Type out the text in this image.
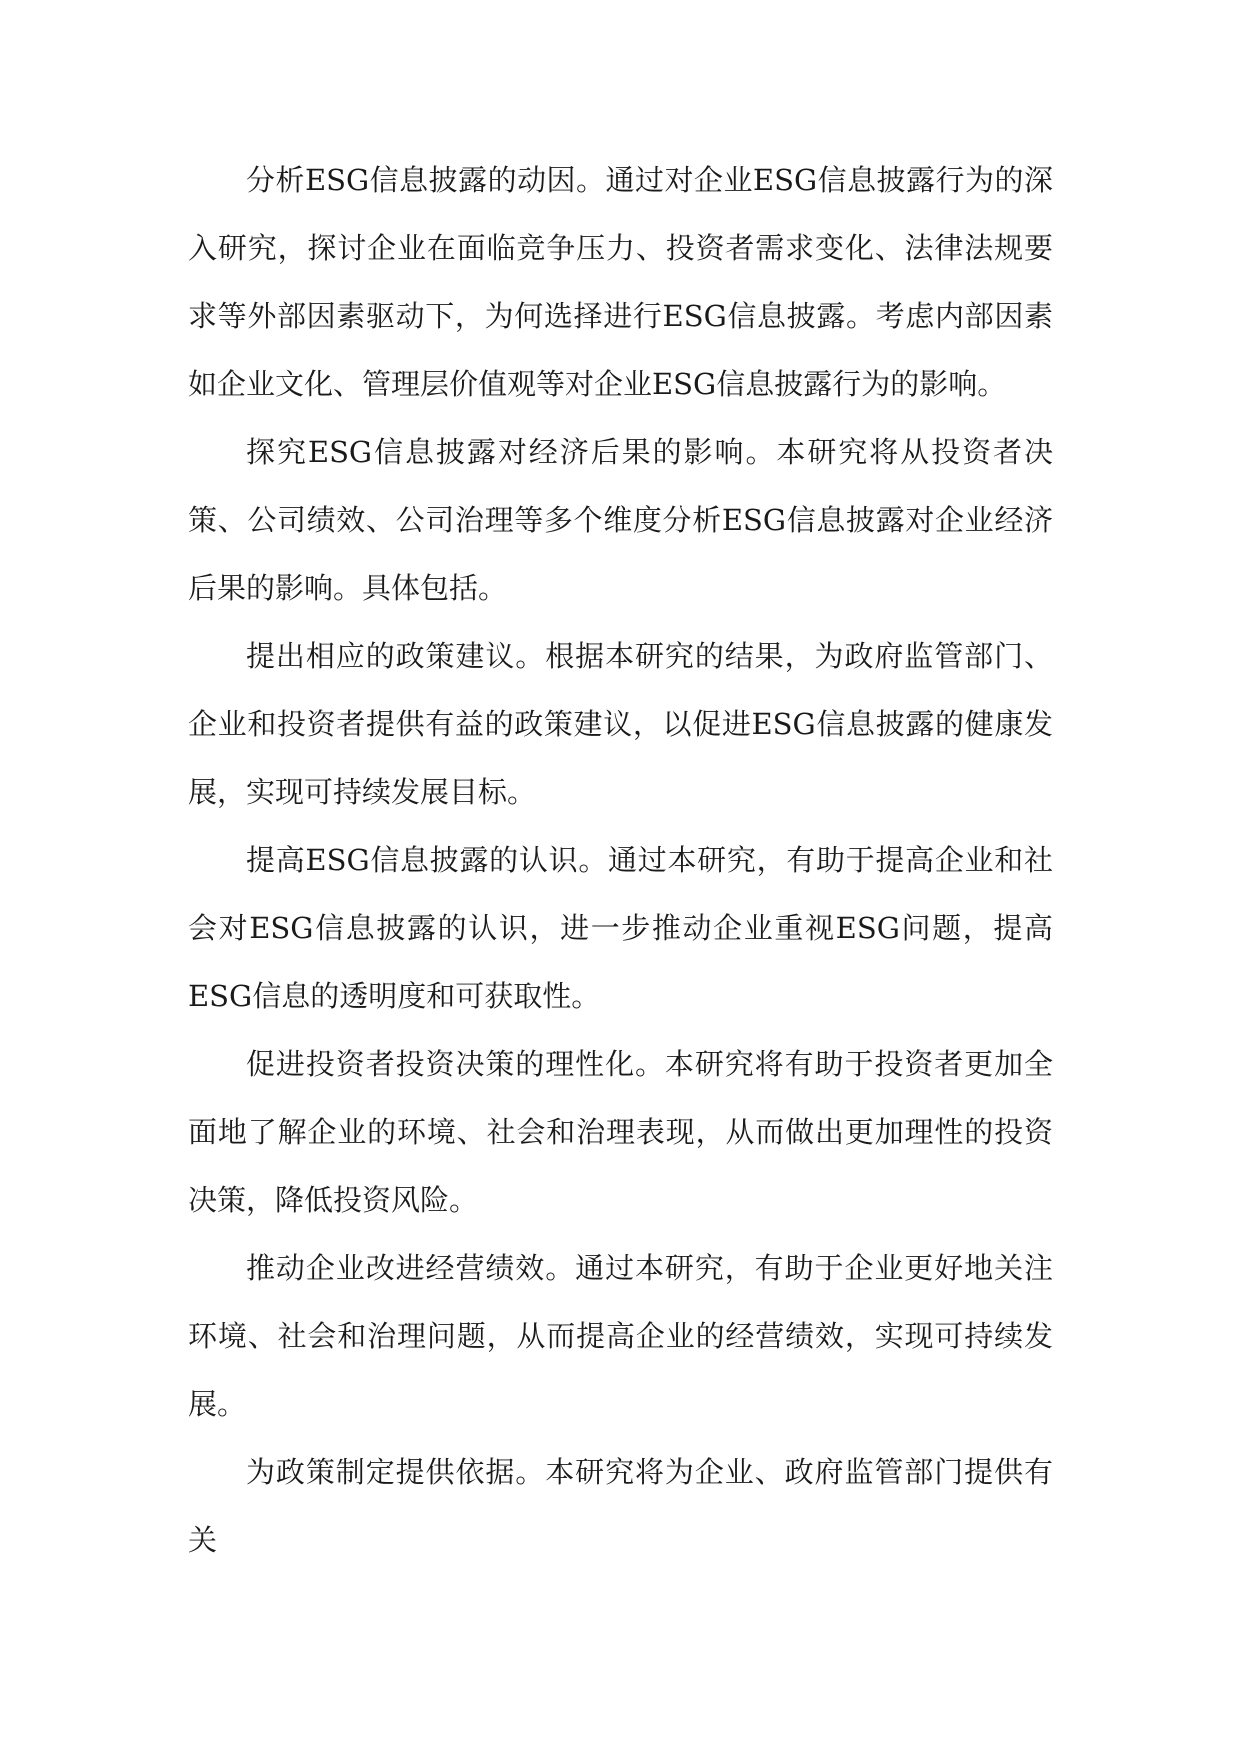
分析ESG信息披露的动因。通过对企业ESG信息披露行为的深入研究，探讨企业在面临竞争压力、投资者需求变化、法律法规要求等外部因素驱动下，为何选择进行ESG信息披露。考虑内部因素如企业文化、管理层价值观等对企业ESG信息披露行为的影响。

探究ESG信息披露对经济后果的影响。本研究将从投资者决策、公司绩效、公司治理等多个维度分析ESG信息披露对企业经济后果的影响。具体包括。

提出相应的政策建议。根据本研究的结果，为政府监管部门、企业和投资者提供有益的政策建议，以促进ESG信息披露的健康发展，实现可持续发展目标。

提高ESG信息披露的认识。通过本研究，有助于提高企业和社会对ESG信息披露的认识，进一步推动企业重视ESG问题，提高ESG信息的透明度和可获取性。

促进投资者投资决策的理性化。本研究将有助于投资者更加全面地了解企业的环境、社会和治理表现，从而做出更加理性的投资决策，降低投资风险。

推动企业改进经营绩效。通过本研究，有助于企业更好地关注环境、社会和治理问题，从而提高企业的经营绩效，实现可持续发展。

为政策制定提供依据。本研究将为企业、政府监管部门提供有关
